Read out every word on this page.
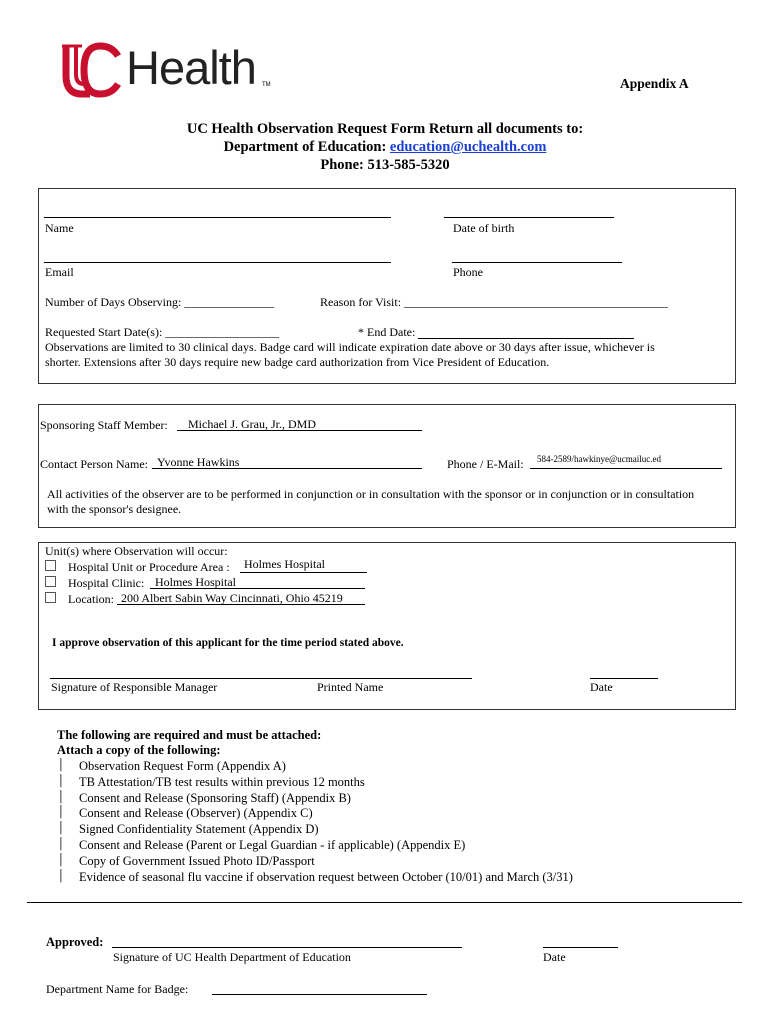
Health TM	Appendix A
UC Health Observation Request Form Return all documents to:
Department of Education: education@uchealth.com
Phone: 513-585-5320
Name	Date of birth
Email	Phone
Number of Days Observing: _______________	Reason for Visit: ____________________________________________
Requested Start Date(s): ___________________	* End Date:
Observations are limited to 30 clinical days. Badge card will indicate expiration date above or 30 days after issue, whichever is
shorter. Extensions after 30 days require new badge card authorization from Vice President of Education.
Sponsoring Staff Member: Michael J. Grau, Jr., DMD
Contact Person Name: Yvonne Hawkins	Phone / E-Mail: 584-2589/hawkinye@ucmailuc.ed
All activities of the observer are to be performed in conjunction or in consultation with the sponsor or in conjunction or in consultation
with the sponsor's designee.
Unit(s) where Observation will occur:
Hospital Unit or Procedure Area : Holmes Hospital
Hospital Clinic: Holmes Hospital
Location: 200 Albert Sabin Way Cincinnati, Ohio 45219
I approve observation of this applicant for the time period stated above.
Signature of Responsible Manager	Printed Name	Date
The following are required and must be attached:
Attach a copy of the following:
│ Observation Request Form (Appendix A)
│ TB Attestation/TB test results within previous 12 months
│ Consent and Release (Sponsoring Staff) (Appendix B)
│ Consent and Release (Observer) (Appendix C)
│ Signed Confidentiality Statement (Appendix D)
│ Consent and Release (Parent or Legal Guardian - if applicable) (Appendix E)
│ Copy of Government Issued Photo ID/Passport
│ Evidence of seasonal flu vaccine if observation request between October (10/01) and March (3/31)
Approved:
Signature of UC Health Department of Education	Date
Department Name for Badge:
